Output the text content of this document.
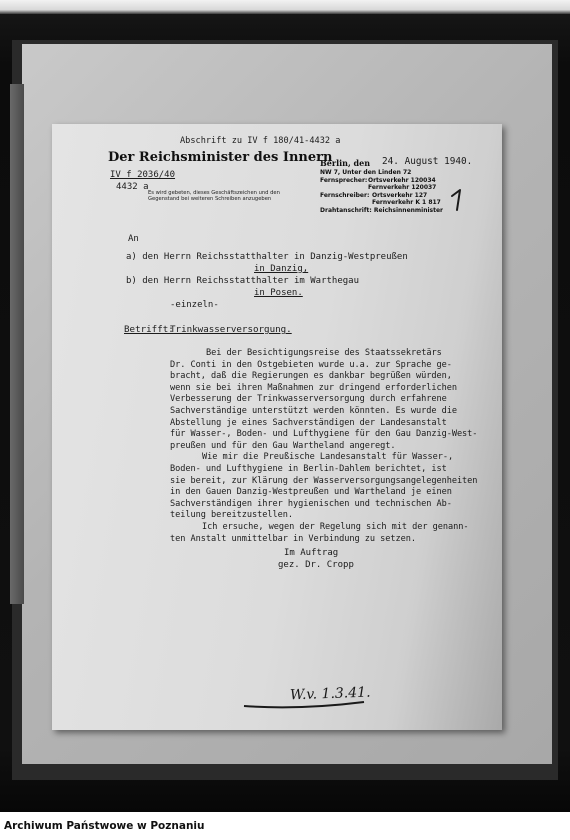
Abschrift zu IV f 180/41-4432 a
Der Reichsminister des Innern
IV f 2036/40
4432 a
Es wird gebeten, dieses Geschäftszeichen und den
Gegenstand bei weiteren Schreiben anzugeben
Berlin, den 24. August 1940.
NW 7, Unter den Linden 72
Fernsprecher: Ortsverkehr 120034
Fernverkehr 120037
Fernschreiber: Ortsverkehr 127
Fernverkehr K 1 817
Drahtanschrift: Reichsinnenminister
An
a) den Herrn Reichsstatthalter in Danzig-Westpreußen
in Danzig,
b) den Herrn Reichsstatthalter im Warthegau
in Posen.
-einzeln-
Betrifft:
Trinkwasserversorgung.
Bei der Besichtigungsreise des Staatssekretärs
Dr. Conti in den Ostgebieten wurde u.a. zur Sprache ge-
bracht, daß die Regierungen es dankbar begrüßen würden,
wenn sie bei ihren Maßnahmen zur dringend erforderlichen
Verbesserung der Trinkwasserversorgung durch erfahrene
Sachverständige unterstützt werden könnten. Es wurde die
Abstellung je eines Sachverständigen der Landesanstalt
für Wasser-, Boden- und Lufthygiene für den Gau Danzig-West-
preußen und für den Gau Wartheland angeregt.
Wie mir die Preußische Landesanstalt für Wasser-,
Boden- und Lufthygiene in Berlin-Dahlem berichtet, ist
sie bereit, zur Klärung der Wasserversorgungsangelegenheiten
in den Gauen Danzig-Westpreußen und Wartheland je einen
Sachverständigen ihrer hygienischen und technischen Ab-
teilung bereitzustellen.
Ich ersuche, wegen der Regelung sich mit der genann-
ten Anstalt unmittelbar in Verbindung zu setzen.
Im Auftrag
gez. Dr. Cropp
W.v. 1.3.41.
Archiwum Państwowe w Poznaniu
